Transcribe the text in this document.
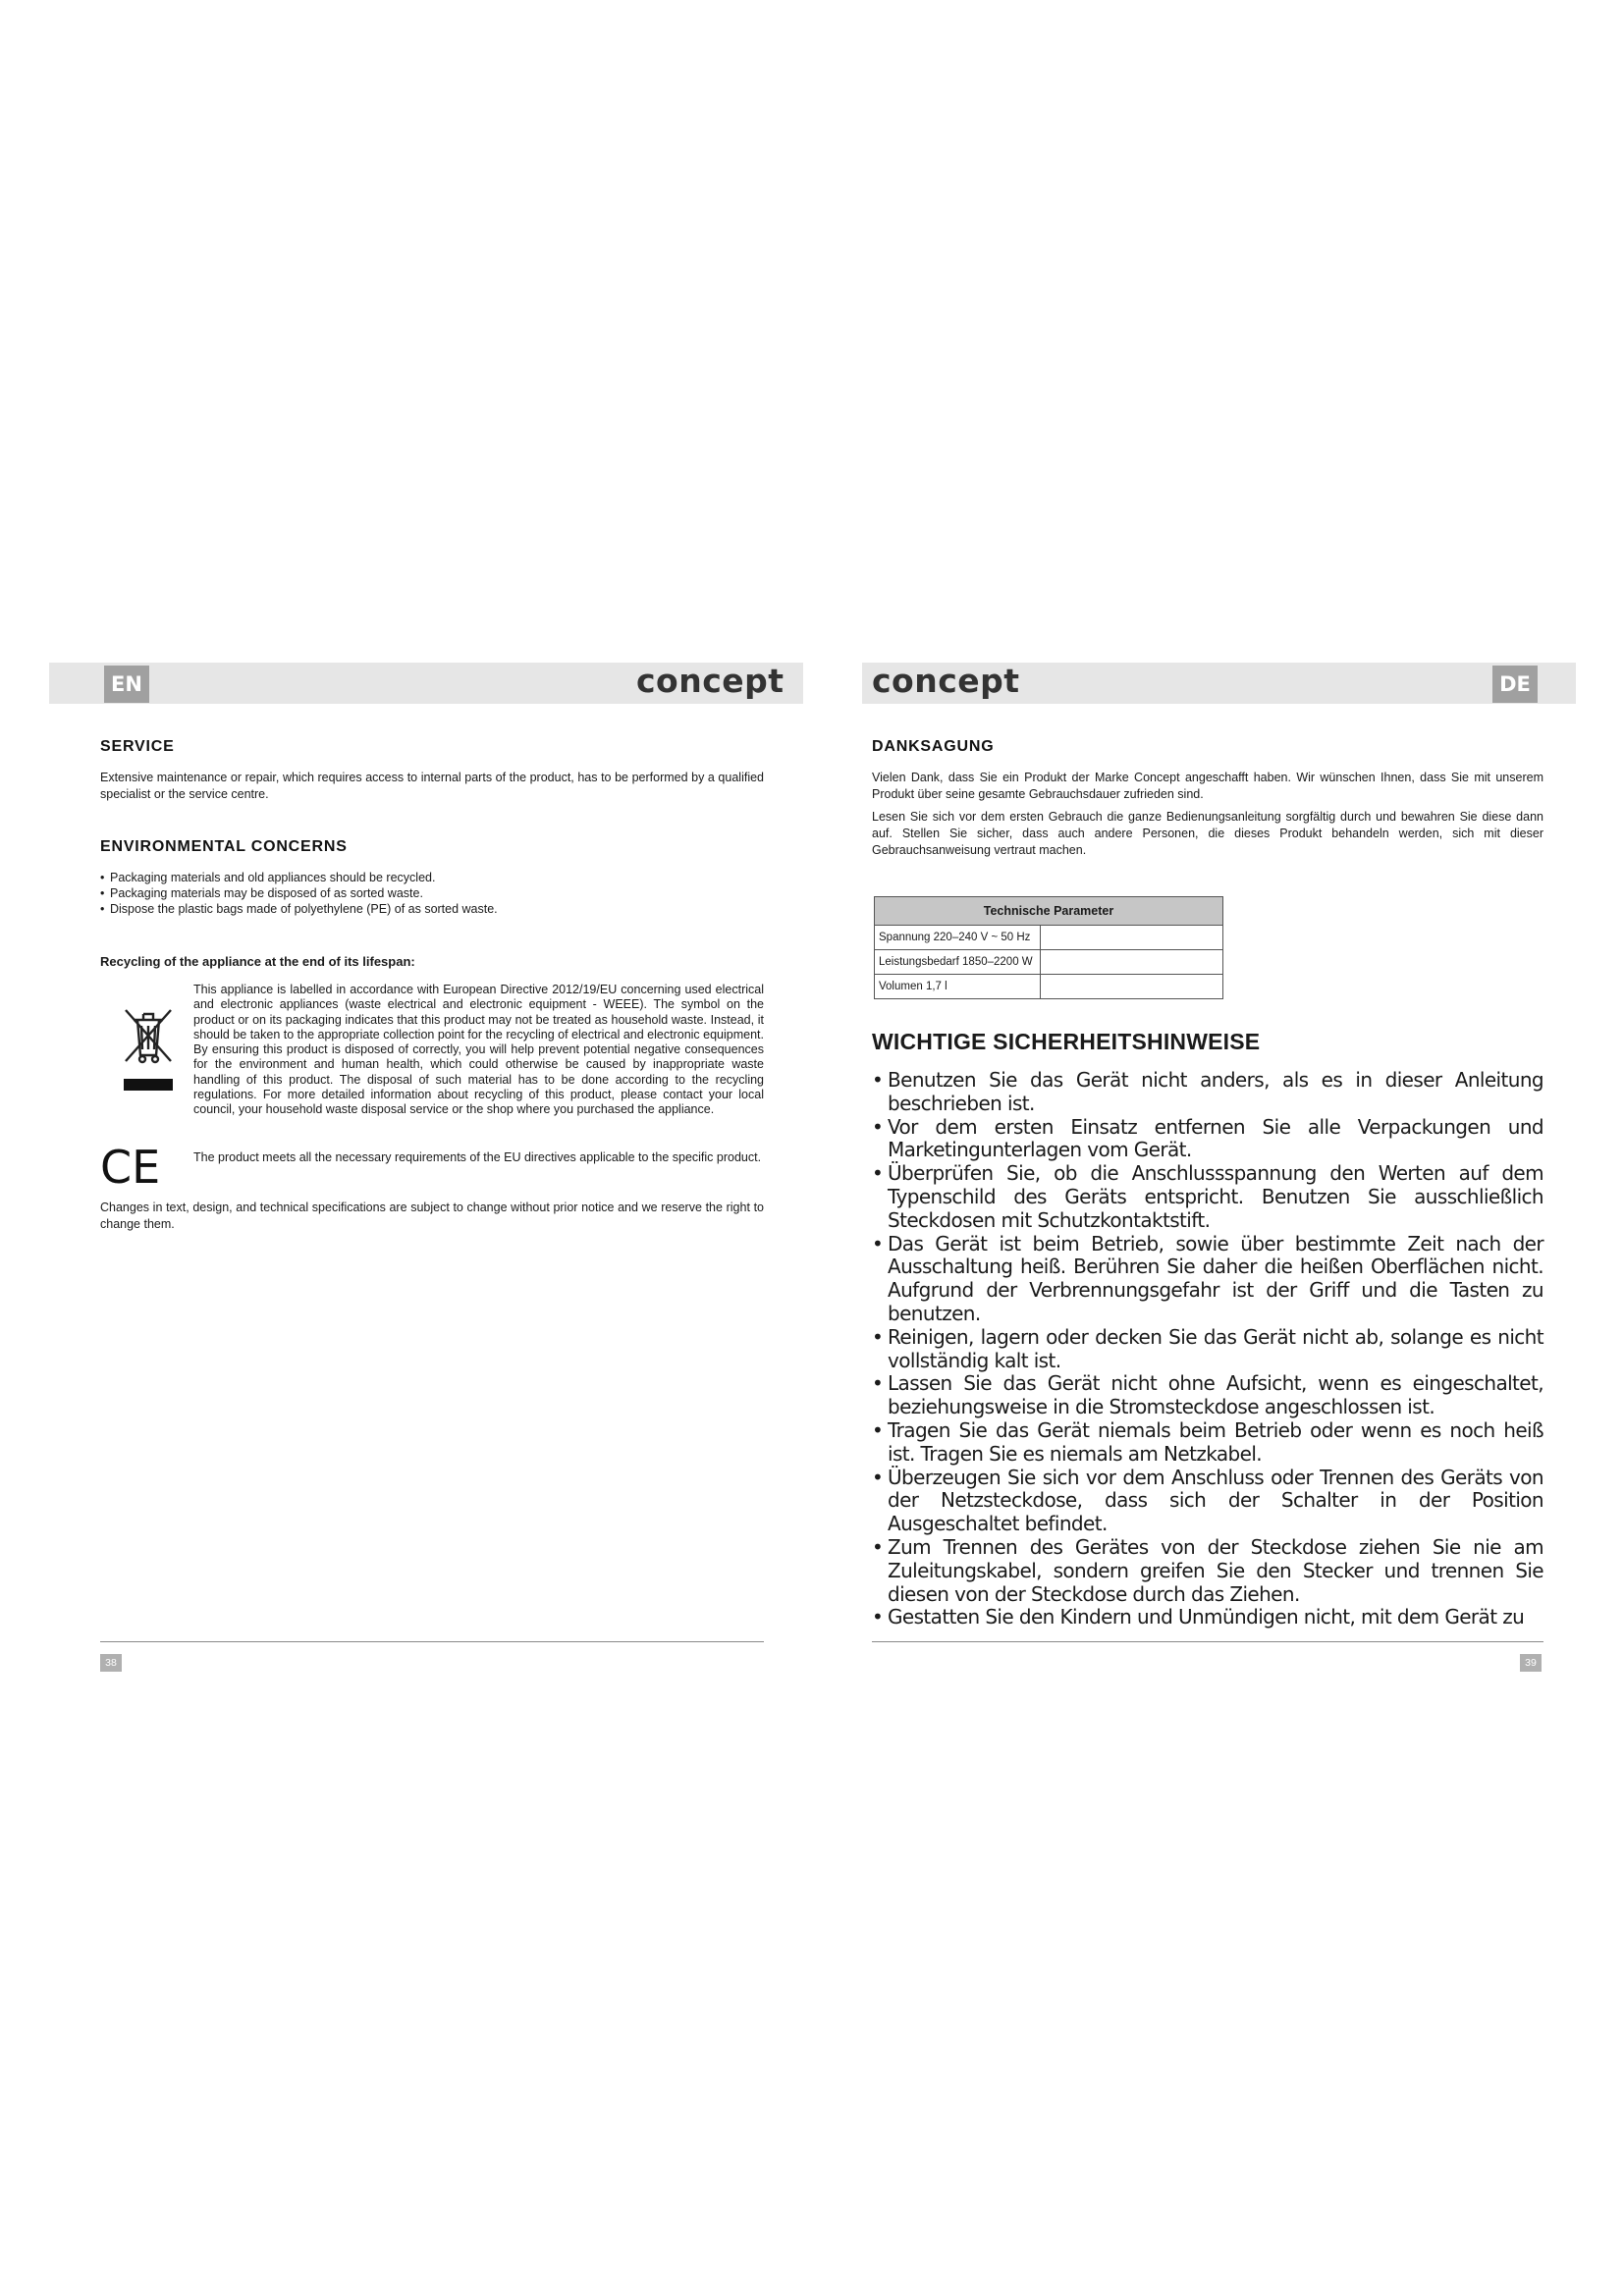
EN	DE
concept	concept
SERVICE

Extensive maintenance or repair, which requires access to internal parts of the product, has to be performed by a qualified specialist or the service centre.

ENVIRONMENTAL CONCERNS
• Packaging materials and old appliances should be recycled.
• Packaging materials may be disposed of as sorted waste.
• Dispose the plastic bags made of polyethylene (PE) of as sorted waste.
Recycling of the appliance at the end of its lifespan:
This appliance is labelled in accordance with European Directive 2012/19/EU concerning used electrical and electronic appliances (waste electrical and electronic equipment - WEEE). The symbol on the product or on its packaging indicates that this product may not be treated as household waste. Instead, it should be taken to the appropriate collection point for the recycling of electrical and electronic equipment. By ensuring this product is disposed of correctly, you will help prevent potential negative consequences for the environment and human health, which could otherwise be caused by inappropriate waste handling of this product. The disposal of such material has to be done according to the recycling regulations. For more detailed information about recycling of this product, please contact your local council, your household waste disposal service or the shop where you purchased the appliance.
CE	The product meets all the necessary requirements of the EU directives applicable to the specific product.
Changes in text, design, and technical specifications are subject to change without prior notice and we reserve the right to change them.
38
DANKSAGUNG

Vielen Dank, dass Sie ein Produkt der Marke Concept angeschafft haben. Wir wünschen Ihnen, dass Sie mit unserem Produkt über seine gesamte Gebrauchsdauer zufrieden sind.

Lesen Sie sich vor dem ersten Gebrauch die ganze Bedienungsanleitung sorgfältig durch und bewahren Sie diese dann auf. Stellen Sie sicher, dass auch andere Personen, die dieses Produkt behandeln werden, sich mit dieser Gebrauchsanweisung vertraut machen.

Technische Parameter	
Spannung 220–240 V ~ 50 Hz	
Leistungsbedarf 1850–2200 W	
Volumen 1,7 l	
WICHTIGE SICHERHEITSHINWEISE
• Benutzen Sie das Gerät nicht anders, als es in dieser Anleitung beschrieben ist.
• Vor dem ersten Einsatz entfernen Sie alle Verpackungen und Marketingunterlagen vom Gerät.
• Überprüfen Sie, ob die Anschlussspannung den Werten auf dem Typenschild des Geräts entspricht. Benutzen Sie ausschließlich Steckdosen mit Schutzkontaktstift.
• Das Gerät ist beim Betrieb, sowie über bestimmte Zeit nach der Ausschaltung heiß. Berühren Sie daher die heißen Oberflächen nicht. Aufgrund der Verbrennungsgefahr ist der Griff und die Tasten zu benutzen.
• Reinigen, lagern oder decken Sie das Gerät nicht ab, solange es nicht vollständig kalt ist.
• Lassen Sie das Gerät nicht ohne Aufsicht, wenn es eingeschaltet, beziehungsweise in die Stromsteckdose angeschlossen ist.
• Tragen Sie das Gerät niemals beim Betrieb oder wenn es noch heiß ist. Tragen Sie es niemals am Netzkabel.
• Überzeugen Sie sich vor dem Anschluss oder Trennen des Geräts von der Netzsteckdose, dass sich der Schalter in der Position Ausgeschaltet befindet.
• Zum Trennen des Gerätes von der Steckdose ziehen Sie nie am Zuleitungskabel, sondern greifen Sie den Stecker und trennen Sie diesen von der Steckdose durch das Ziehen.
• Gestatten Sie den Kindern und Unmündigen nicht, mit dem Gerät zu
39
